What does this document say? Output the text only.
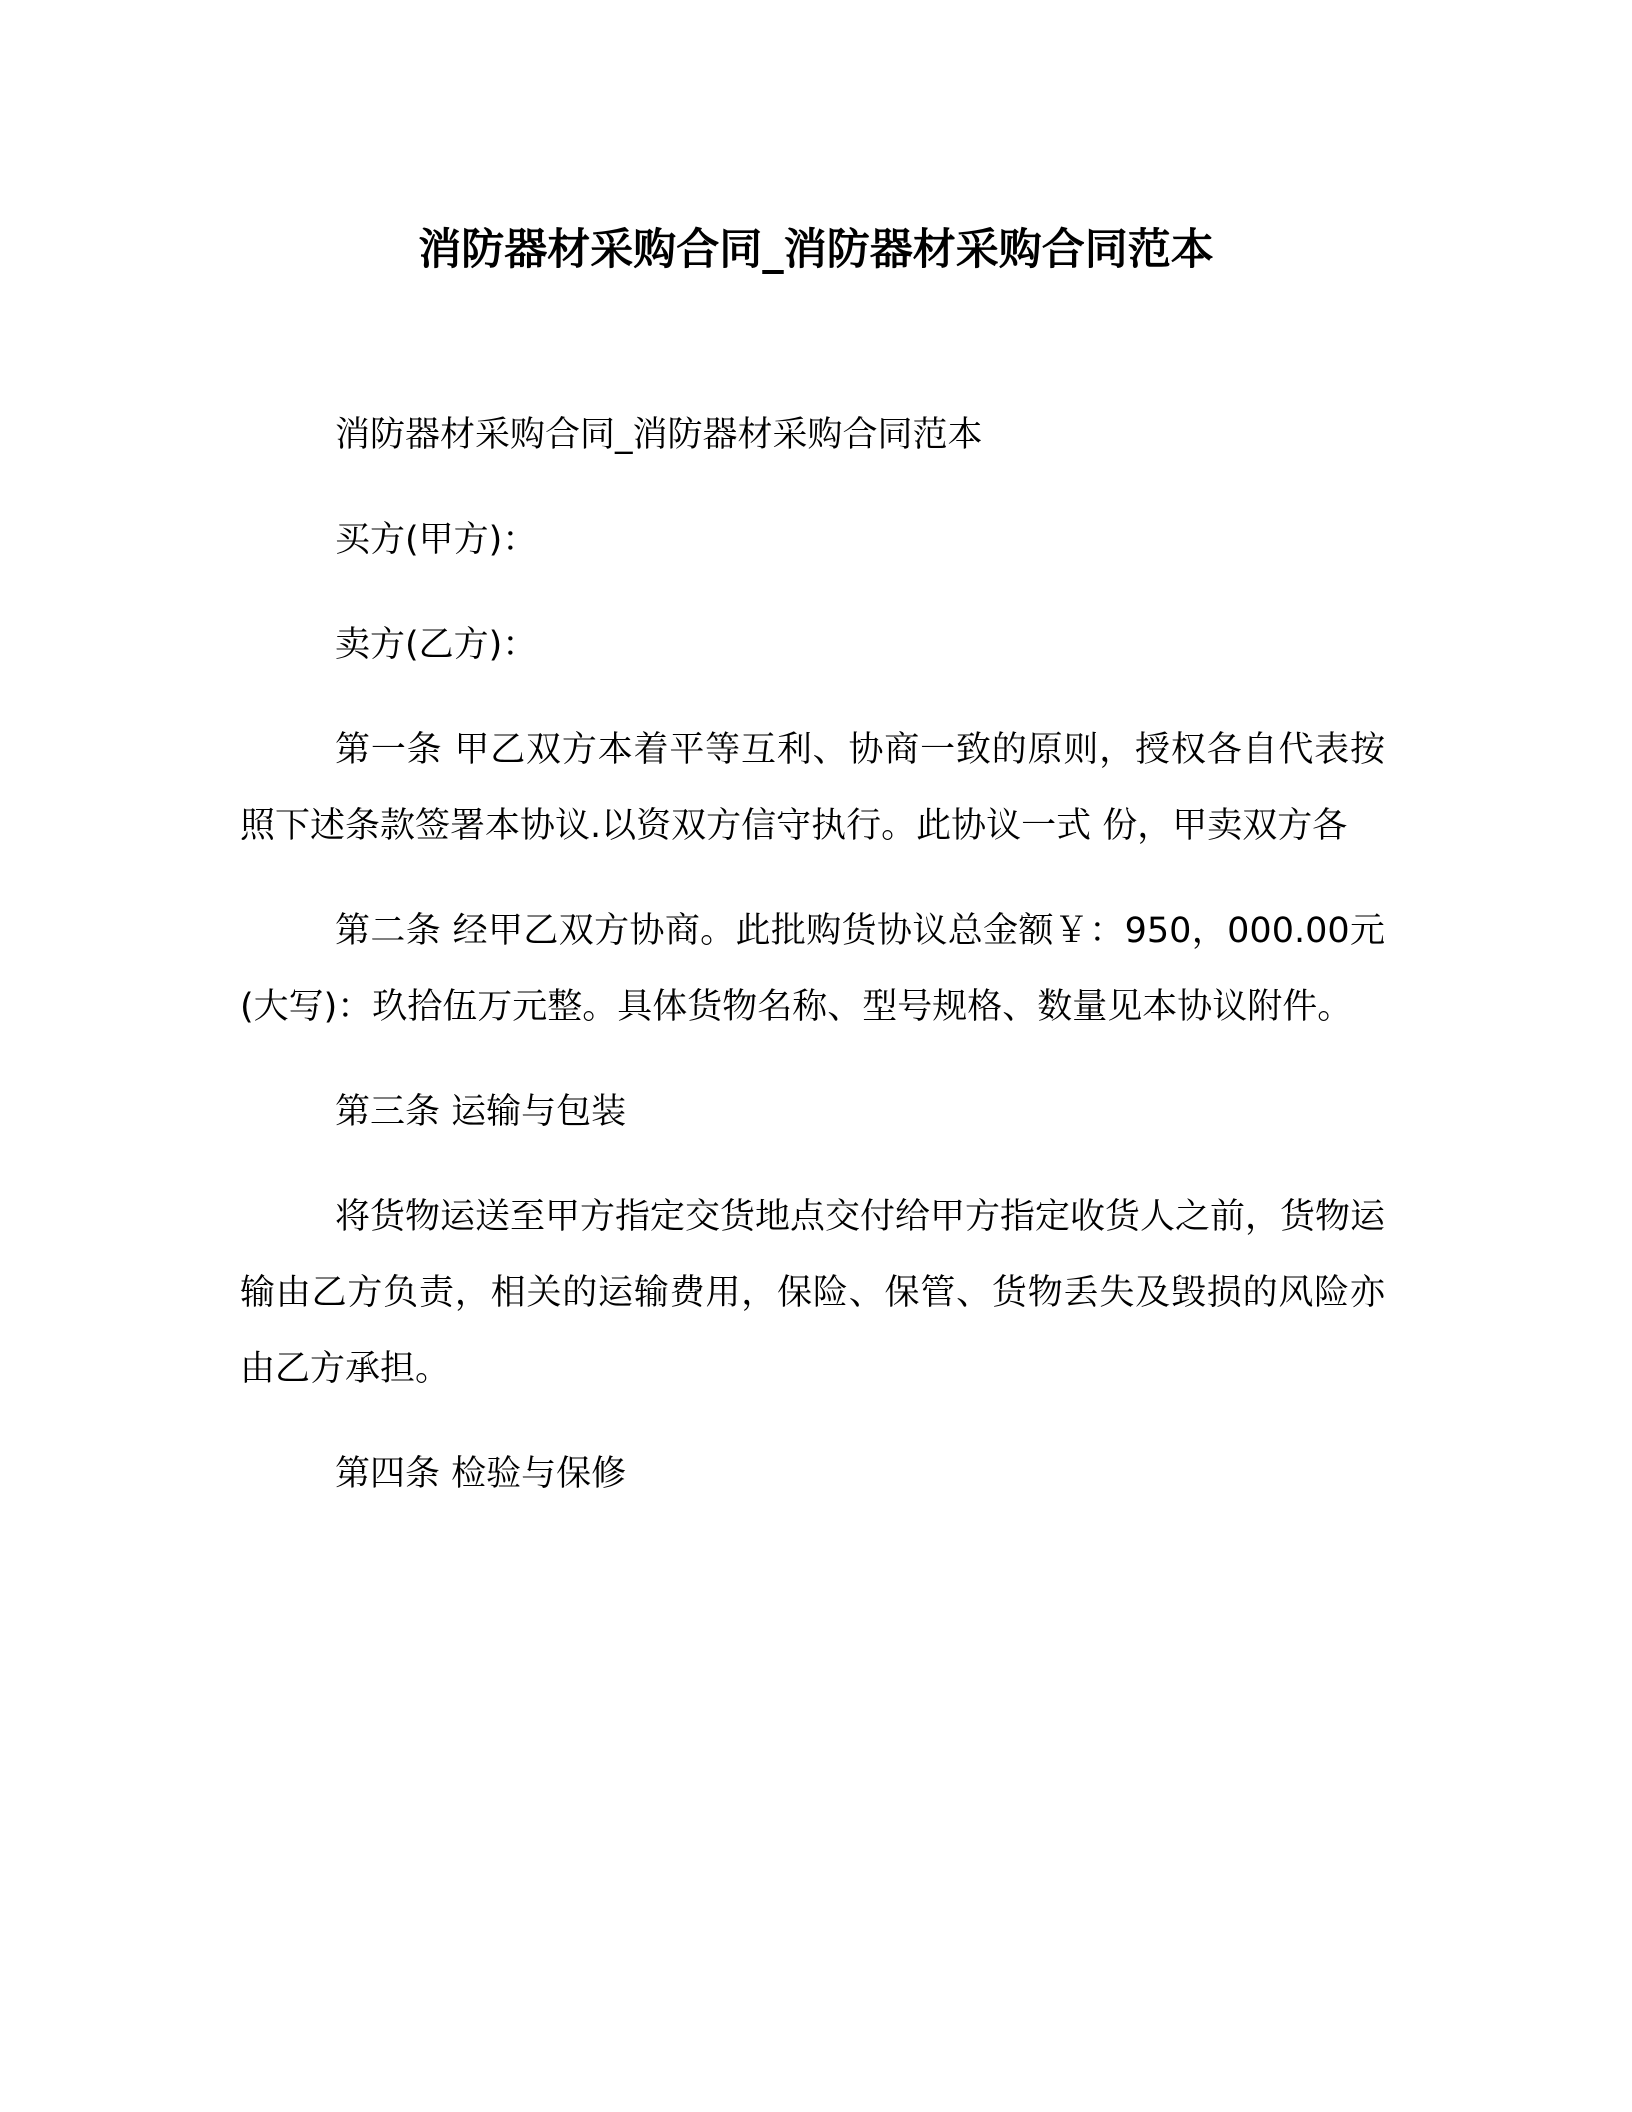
消防器材采购合同_消防器材采购合同范本

消防器材采购合同_消防器材采购合同范本

买方(甲方)：

卖方(乙方)：

第一条 甲乙双方本着平等互利、协商一致的原则，授权各自代表按照下述条款签署本协议.以资双方信守执行。此协议一式 份，甲卖双方各

第二条 经甲乙双方协商。此批购货协议总金额￥：950，000.00元(大写)：玖拾伍万元整。具体货物名称、型号规格、数量见本协议附件。

第三条 运输与包装

将货物运送至甲方指定交货地点交付给甲方指定收货人之前，货物运输由乙方负责，相关的运输费用，保险、保管、货物丢失及毁损的风险亦由乙方承担。

第四条 检验与保修
